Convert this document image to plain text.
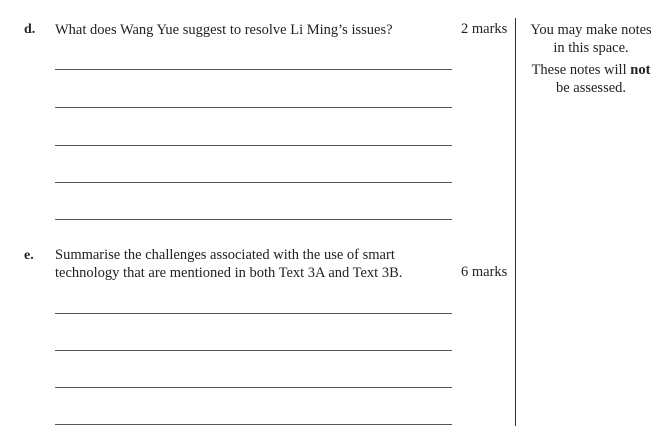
d. What does Wang Yue suggest to resolve Li Ming’s issues?	2 marks
e. Summarise the challenges associated with the use of smart
technology that are mentioned in both Text 3A and Text 3B.	6 marks
You may make notes
in this space.
These notes will not
be assessed.
